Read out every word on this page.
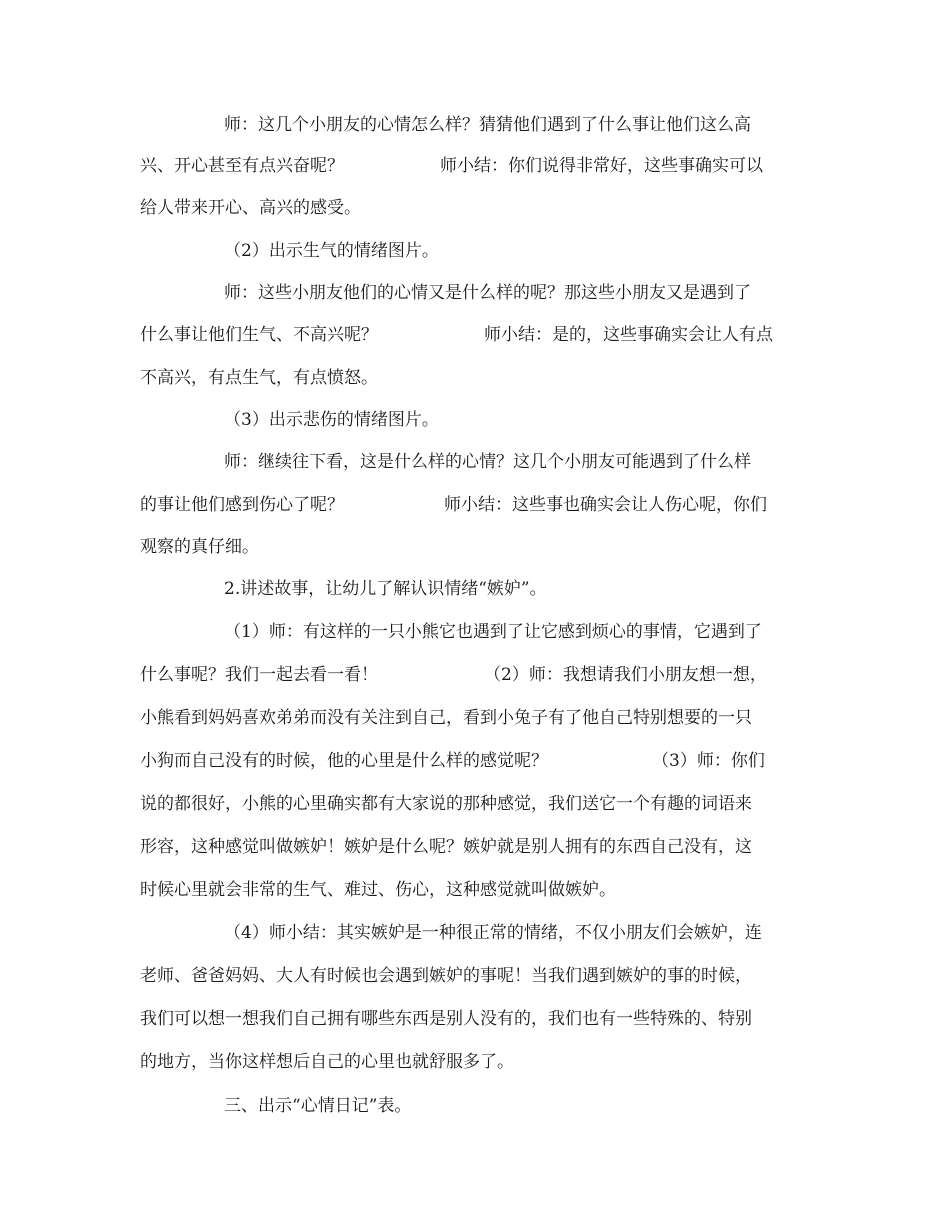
师：这几个小朋友的心情怎么样？猜猜他们遇到了什么事让他们这么高
兴、开心甚至有点兴奋呢？	师小结：你们说得非常好，这些事确实可以
给人带来开心、高兴的感受。
（2）出示生气的情绪图片。
师：这些小朋友他们的心情又是什么样的呢？那这些小朋友又是遇到了
什么事让他们生气、不高兴呢？	师小结：是的，这些事确实会让人有点
不高兴，有点生气，有点愤怒。
（3）出示悲伤的情绪图片。
师：继续往下看，这是什么样的心情？这几个小朋友可能遇到了什么样
的事让他们感到伤心了呢？	师小结：这些事也确实会让人伤心呢，你们
观察的真仔细。
2.讲述故事，让幼儿了解认识情绪“嫉妒”。
（1）师：有这样的一只小熊它也遇到了让它感到烦心的事情，它遇到了
什么事呢？我们一起去看一看！	（2）师：我想请我们小朋友想一想，
小熊看到妈妈喜欢弟弟而没有关注到自己，看到小兔子有了他自己特别想要的一只
小狗而自己没有的时候，他的心里是什么样的感觉呢？	（3）师：你们
说的都很好，小熊的心里确实都有大家说的那种感觉，我们送它一个有趣的词语来
形容，这种感觉叫做嫉妒！嫉妒是什么呢？嫉妒就是别人拥有的东西自己没有，这
时候心里就会非常的生气、难过、伤心，这种感觉就叫做嫉妒。
（4）师小结：其实嫉妒是一种很正常的情绪，不仅小朋友们会嫉妒，连
老师、爸爸妈妈、大人有时候也会遇到嫉妒的事呢！当我们遇到嫉妒的事的时候，
我们可以想一想我们自己拥有哪些东西是别人没有的，我们也有一些特殊的、特别
的地方，当你这样想后自己的心里也就舒服多了。
三、出示“心情日记”表。
